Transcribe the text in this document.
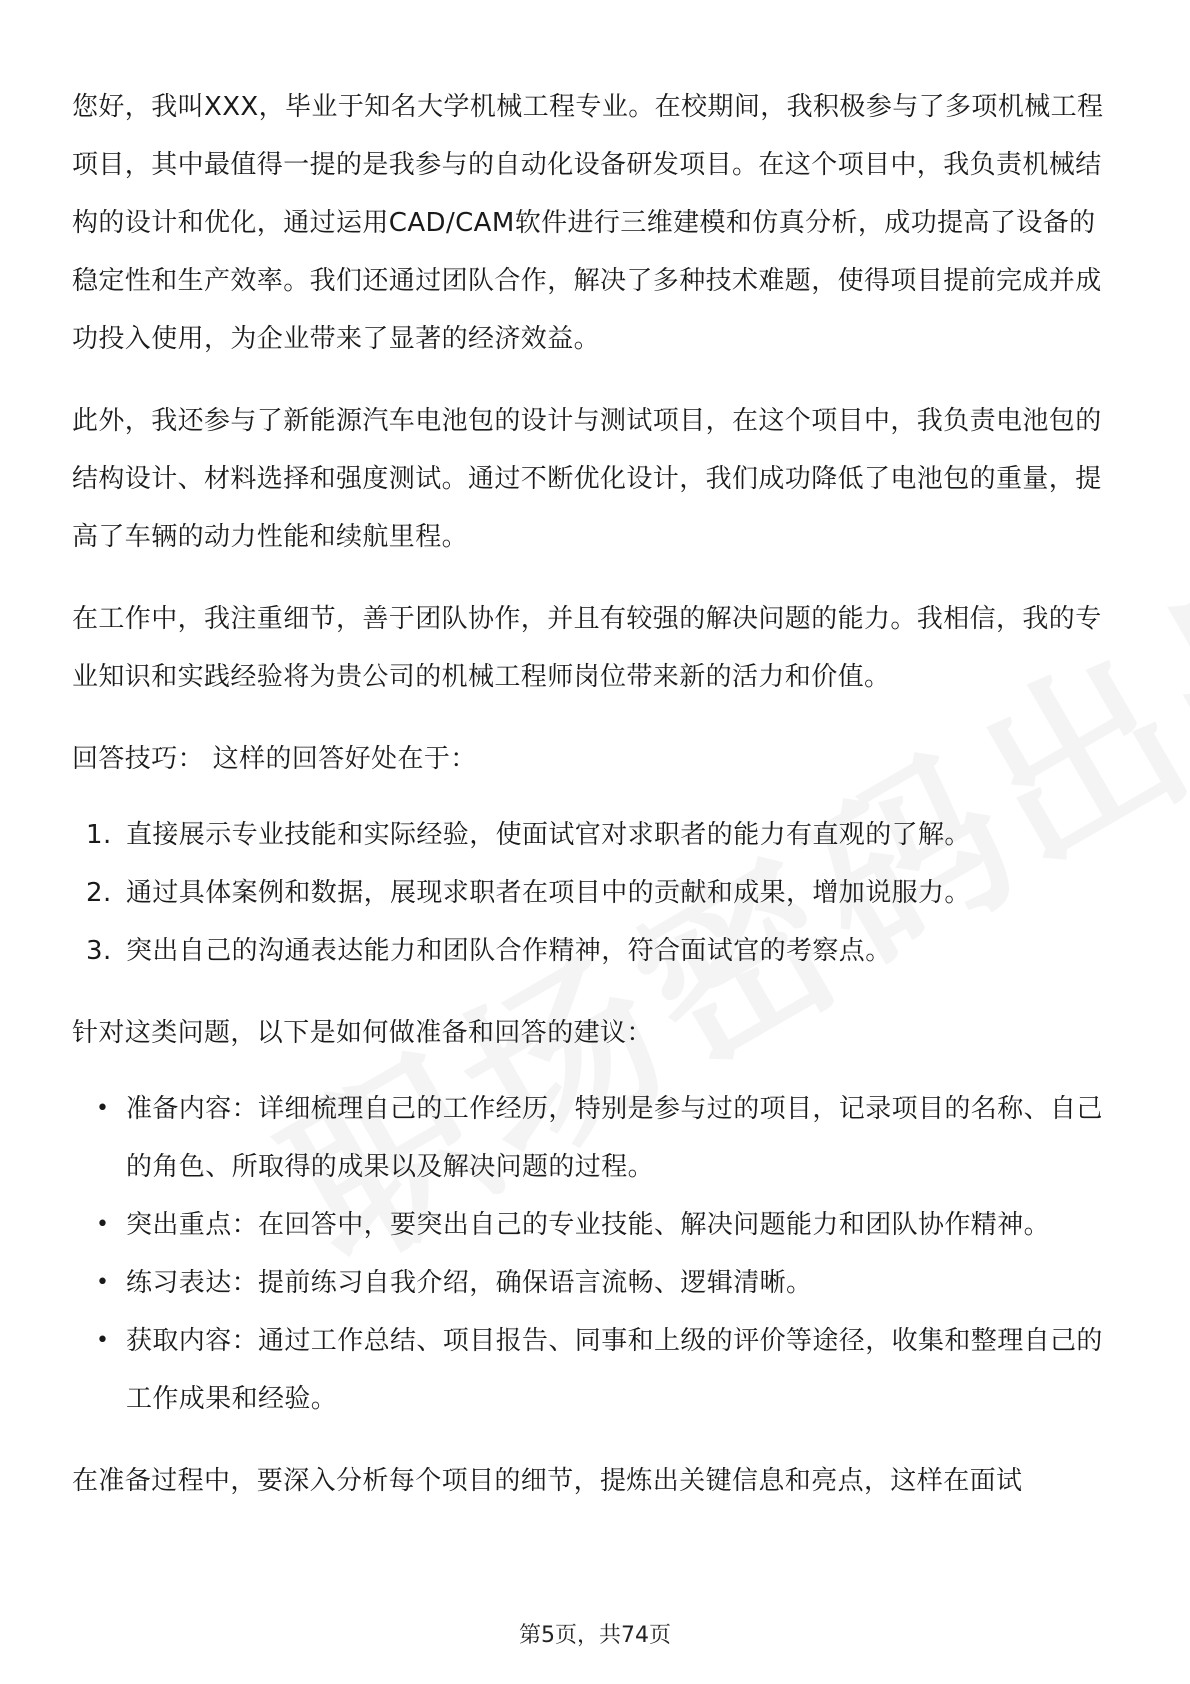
您好，我叫XXX，毕业于知名大学机械工程专业。在校期间，我积极参与了多项机械工程项目，其中最值得一提的是我参与的自动化设备研发项目。在这个项目中，我负责机械结构的设计和优化，通过运用CAD/CAM软件进行三维建模和仿真分析，成功提高了设备的稳定性和生产效率。我们还通过团队合作，解决了多种技术难题，使得项目提前完成并成功投入使用，为企业带来了显著的经济效益。

此外，我还参与了新能源汽车电池包的设计与测试项目，在这个项目中，我负责电池包的结构设计、材料选择和强度测试。通过不断优化设计，我们成功降低了电池包的重量，提高了车辆的动力性能和续航里程。

在工作中，我注重细节，善于团队协作，并且有较强的解决问题的能力。我相信，我的专业知识和实践经验将为贵公司的机械工程师岗位带来新的活力和价值。

回答技巧： 这样的回答好处在于：

1. 直接展示专业技能和实际经验，使面试官对求职者的能力有直观的了解。
2. 通过具体案例和数据，展现求职者在项目中的贡献和成果，增加说服力。
3. 突出自己的沟通表达能力和团队合作精神，符合面试官的考察点。

针对这类问题，以下是如何做准备和回答的建议：

• 准备内容：详细梳理自己的工作经历，特别是参与过的项目，记录项目的名称、自己的角色、所取得的成果以及解决问题的过程。
• 突出重点：在回答中，要突出自己的专业技能、解决问题能力和团队协作精神。
• 练习表达：提前练习自我介绍，确保语言流畅、逻辑清晰。
• 获取内容：通过工作总结、项目报告、同事和上级的评价等途径，收集和整理自己的工作成果和经验。

在准备过程中，要深入分析每个项目的细节，提炼出关键信息和亮点，这样在面试

第5页，共74页
